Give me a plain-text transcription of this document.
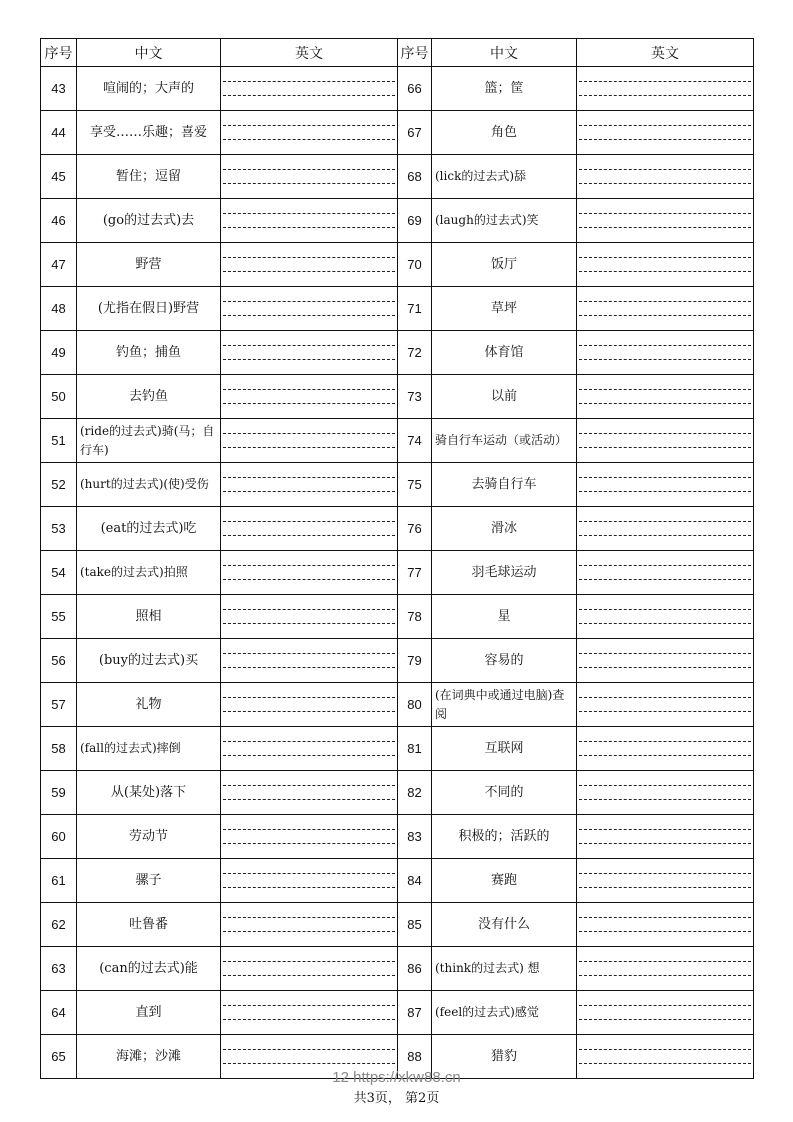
序号	中文	英文	序号	中文	英文
43	喧闹的；大声的		66	篮；筐	

44	享受……乐趣；喜爱		67	角色	

45	暂住；逗留		68	(lick的过去式)舔	

46	(go的过去式)去		69	(laugh的过去式)笑	

47	野营		70	饭厅	

48	(尤指在假日)野营		71	草坪	

49	钓鱼；捕鱼		72	体育馆	

50	去钓鱼		73	以前	

51	(ride的过去式)骑(马；自行车)		74	骑自行车运动（或活动）	

52	(hurt的过去式)(使)受伤		75	去骑自行车	

53	(eat的过去式)吃		76	滑冰	

54	(take的过去式)拍照		77	羽毛球运动	

55	照相		78	星	

56	(buy的过去式)买		79	容易的	

57	礼物		80	(在词典中或通过电脑)查阅	

58	(fall的过去式)摔倒		81	互联网	

59	从(某处)落下		82	不同的	

60	劳动节		83	积极的；活跃的	

61	骡子		84	赛跑	

62	吐鲁番		85	没有什么	

63	(can的过去式)能		86	(think的过去式) 想	

64	直到		87	(feel的过去式)感觉	

65	海滩；沙滩		88	猎豹	
12 https://xkw88.cn
共3页， 第2页
